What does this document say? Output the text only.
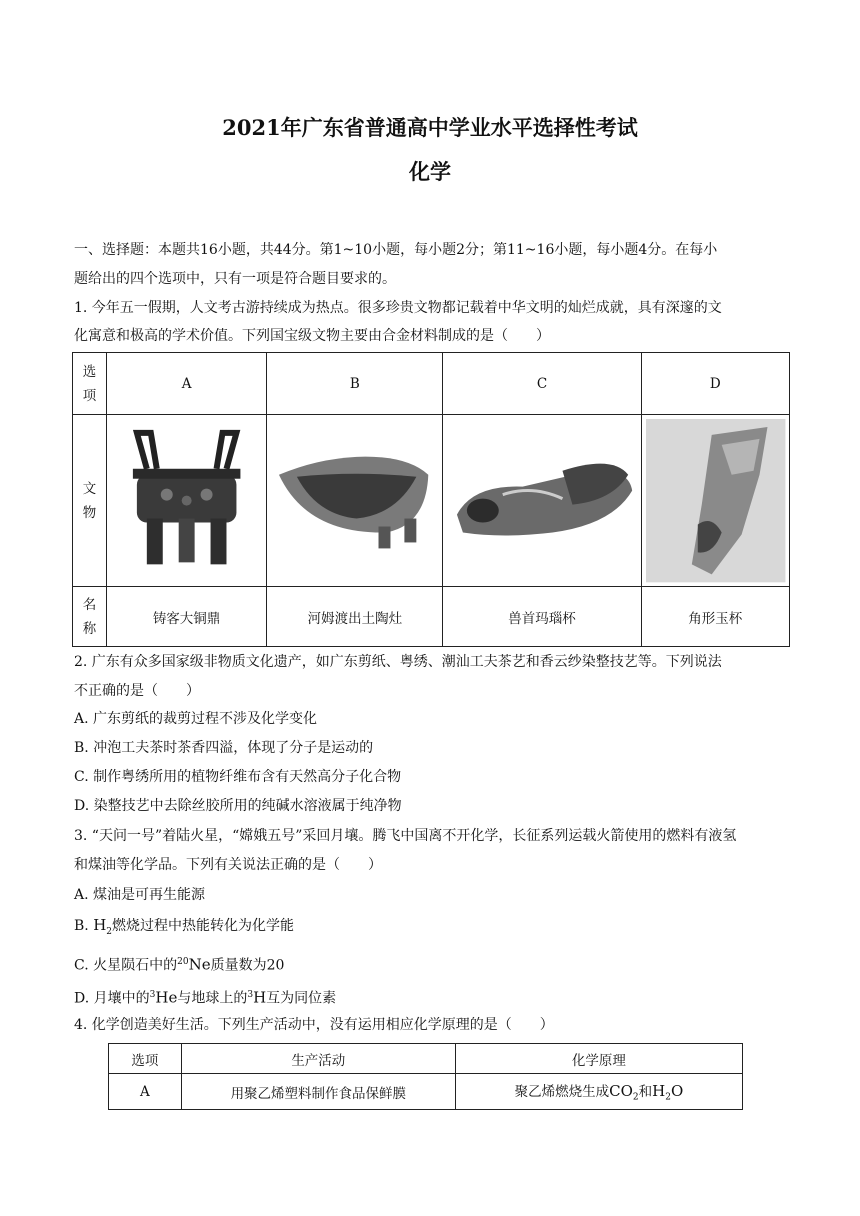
2021年广东省普通高中学业水平选择性考试
化学
一、选择题：本题共16小题，共44分。第1~10小题，每小题2分；第11~16小题，每小题4分。在每小
题给出的四个选项中，只有一项是符合题目要求的。
1. 今年五一假期，人文考古游持续成为热点。很多珍贵文物都记载着中华文明的灿烂成就，具有深邃的文
化寓意和极高的学术价值。下列国宝级文物主要由合金材料制成的是（　　）
选
项	A	B	C	D

文
物

名
称	铸客大铜鼎	河姆渡出土陶灶	兽首玛瑙杯	角形玉杯
2. 广东有众多国家级非物质文化遗产，如广东剪纸、粤绣、潮汕工夫茶艺和香云纱染整技艺等。下列说法
不正确的是（　　）
A. 广东剪纸的裁剪过程不涉及化学变化
B. 冲泡工夫茶时茶香四溢，体现了分子是运动的
C. 制作粤绣所用的植物纤维布含有天然高分子化合物
D. 染整技艺中去除丝胶所用的纯碱水溶液属于纯净物
3. “天问一号”着陆火星，“嫦娥五号”采回月壤。腾飞中国离不开化学，长征系列运载火箭使用的燃料有液氢
和煤油等化学品。下列有关说法正确的是（　　）
A. 煤油是可再生能源
B. $H_2$燃烧过程中热能转化为化学能
C. 火星陨石中的$^{20}$Ne质量数为20
D. 月壤中的$^3$He与地球上的$^3$H互为同位素
4. 化学创造美好生活。下列生产活动中，没有运用相应化学原理的是（　　）
选项	生产活动	化学原理
A	用聚乙烯塑料制作食品保鲜膜	聚乙烯燃烧生成$CO_2$和$H_2O$
